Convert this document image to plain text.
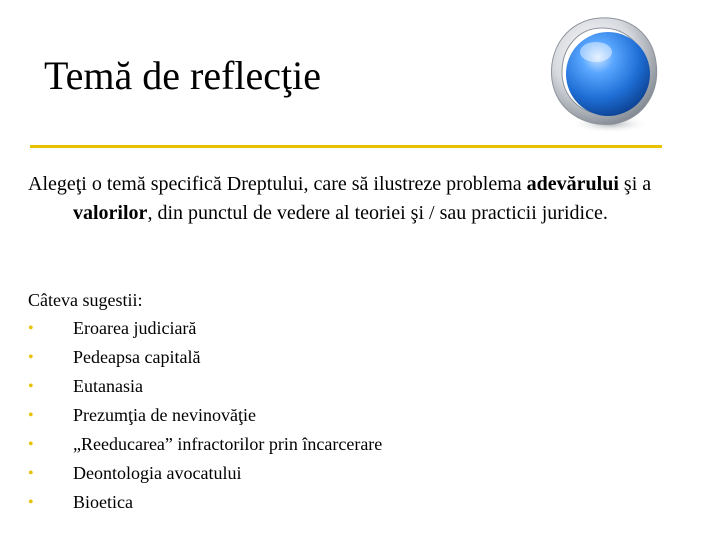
Temă de reflecţie
Alegeţi o temă specifică Dreptului, care să ilustreze problema adevărului şi a valorilor, din punctul de vedere al teoriei şi / sau practicii juridice.
Câteva sugestii:
• Eroarea judiciară
• Pedeapsa capitală
• Eutanasia
• Prezumţia de nevinovăţie
• „Reeducarea” infractorilor prin încarcerare
• Deontologia avocatului
• Bioetica
